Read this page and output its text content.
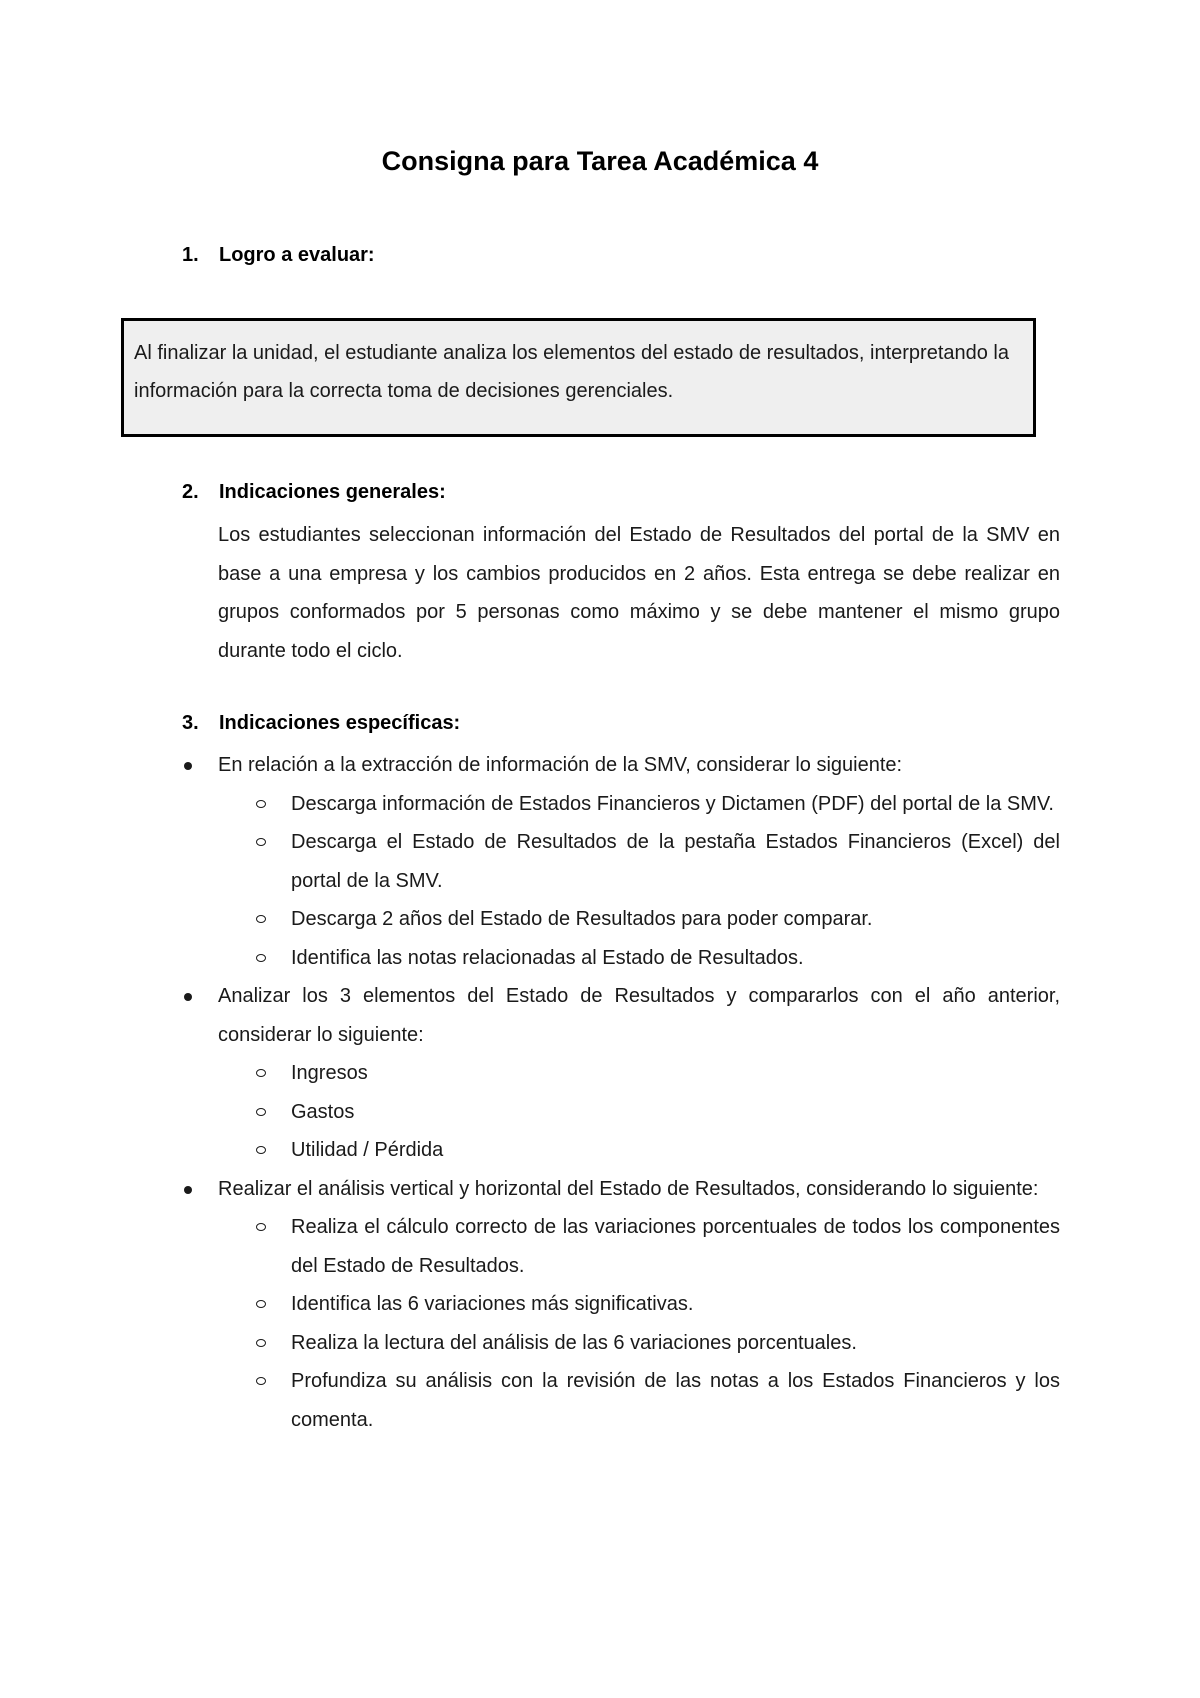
Consigna para Tarea Académica 4
1. Logro a evaluar:
Al finalizar la unidad, el estudiante analiza los elementos del estado de resultados, interpretando la información para la correcta toma de decisiones gerenciales.
2. Indicaciones generales:
Los estudiantes seleccionan información del Estado de Resultados del portal de la SMV en base a una empresa y los cambios producidos en 2 años. Esta entrega se debe realizar en grupos conformados por 5 personas como máximo y se debe mantener el mismo grupo durante todo el ciclo.
3. Indicaciones específicas:
En relación a la extracción de información de la SMV, considerar lo siguiente:
Descarga información de Estados Financieros y Dictamen (PDF) del portal de la SMV.
Descarga el Estado de Resultados de la pestaña Estados Financieros (Excel) del portal de la SMV.
Descarga 2 años del Estado de Resultados para poder comparar.
Identifica las notas relacionadas al Estado de Resultados.
Analizar los 3 elementos del Estado de Resultados y compararlos con el año anterior, considerar lo siguiente:
Ingresos
Gastos
Utilidad / Pérdida
Realizar el análisis vertical y horizontal del Estado de Resultados, considerando lo siguiente:
Realiza el cálculo correcto de las variaciones porcentuales de todos los componentes del Estado de Resultados.
Identifica las 6 variaciones más significativas.
Realiza la lectura del análisis de las 6 variaciones porcentuales.
Profundiza su análisis con la revisión de las notas a los Estados Financieros y los comenta.
